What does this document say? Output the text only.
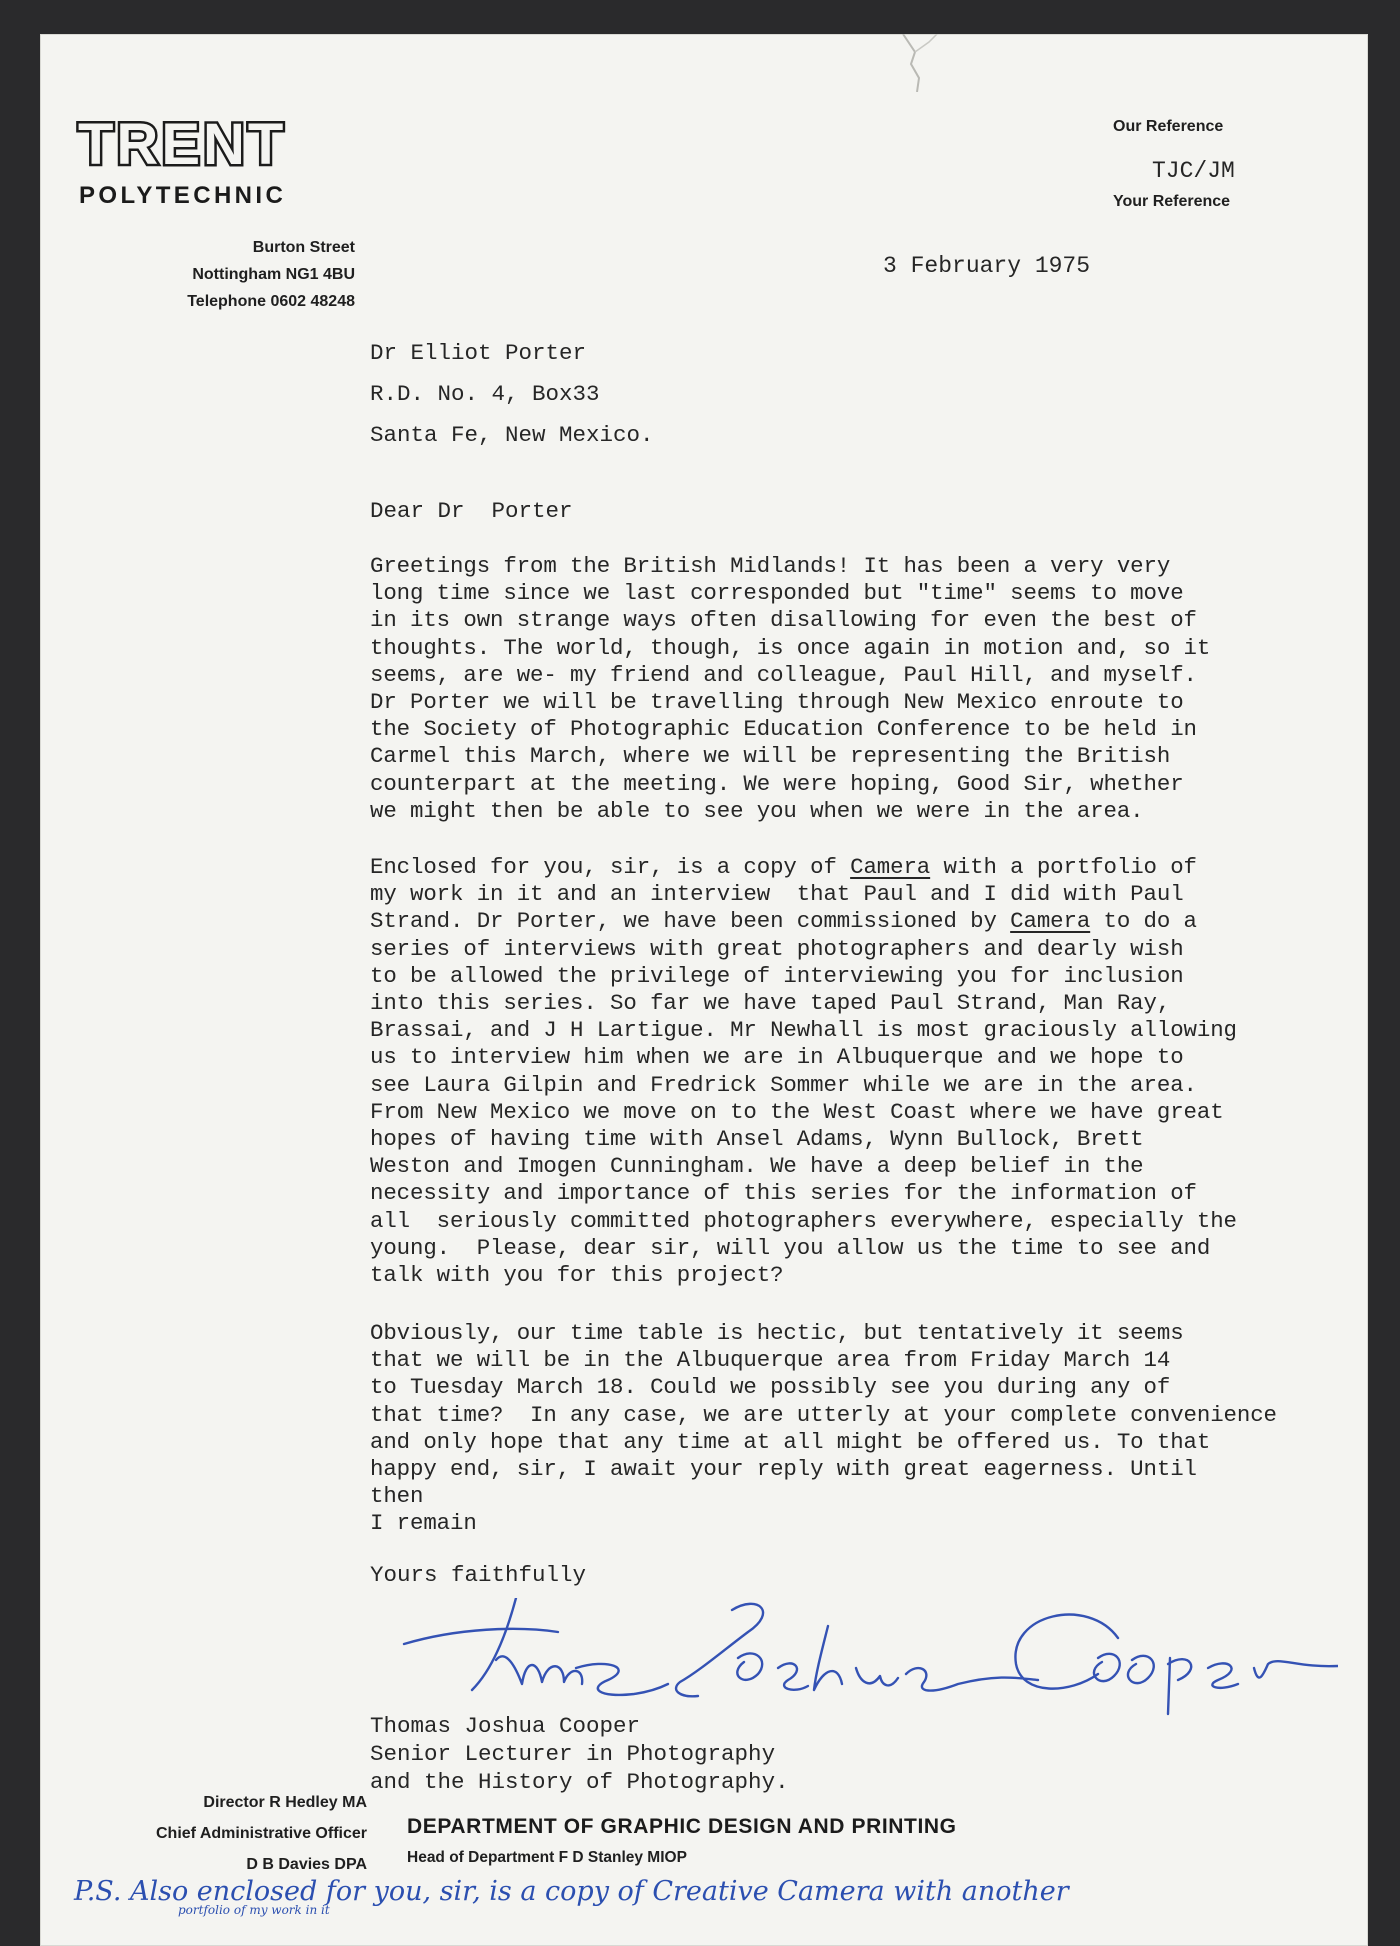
TRENT
POLYTECHNIC
Burton Street
Nottingham NG1 4BU
Telephone 0602 48248
Our Reference
TJC/JM
Your Reference
3 February 1975
Dr Elliot Porter
R.D. No. 4, Box33
Santa Fe, New Mexico.
Dear Dr  Porter
Greetings from the British Midlands! It has been a very very
long time since we last corresponded but "time" seems to move
in its own strange ways often disallowing for even the best of
thoughts. The world, though, is once again in motion and, so it
seems, are we- my friend and colleague, Paul Hill, and myself.
Dr Porter we will be travelling through New Mexico enroute to
the Society of Photographic Education Conference to be held in
Carmel this March, where we will be representing the British
counterpart at the meeting. We were hoping, Good Sir, whether
we might then be able to see you when we were in the area.
Enclosed for you, sir, is a copy of Camera with a portfolio of
my work in it and an interview  that Paul and I did with Paul
Strand. Dr Porter, we have been commissioned by Camera to do a
series of interviews with great photographers and dearly wish
to be allowed the privilege of interviewing you for inclusion
into this series. So far we have taped Paul Strand, Man Ray,
Brassai, and J H Lartigue. Mr Newhall is most graciously allowing
us to interview him when we are in Albuquerque and we hope to
see Laura Gilpin and Fredrick Sommer while we are in the area.
From New Mexico we move on to the West Coast where we have great
hopes of having time with Ansel Adams, Wynn Bullock, Brett
Weston and Imogen Cunningham. We have a deep belief in the
necessity and importance of this series for the information of
all  seriously committed photographers everywhere, especially the
young.  Please, dear sir, will you allow us the time to see and
talk with you for this project?
Obviously, our time table is hectic, but tentatively it seems
that we will be in the Albuquerque area from Friday March 14
to Tuesday March 18. Could we possibly see you during any of
that time?  In any case, we are utterly at your complete convenience
and only hope that any time at all might be offered us. To that
happy end, sir, I await your reply with great eagerness. Until
then
I remain
Yours faithfully
Thomas Joshua Cooper
Senior Lecturer in Photography
and the History of Photography.
Director R Hedley MA
Chief Administrative Officer
D B Davies DPA
DEPARTMENT OF GRAPHIC DESIGN AND PRINTING
Head of Department F D Stanley MIOP
portfolio of my work in it
P.S. Also enclosed for you, sir, is a copy of Creative Camera with another
